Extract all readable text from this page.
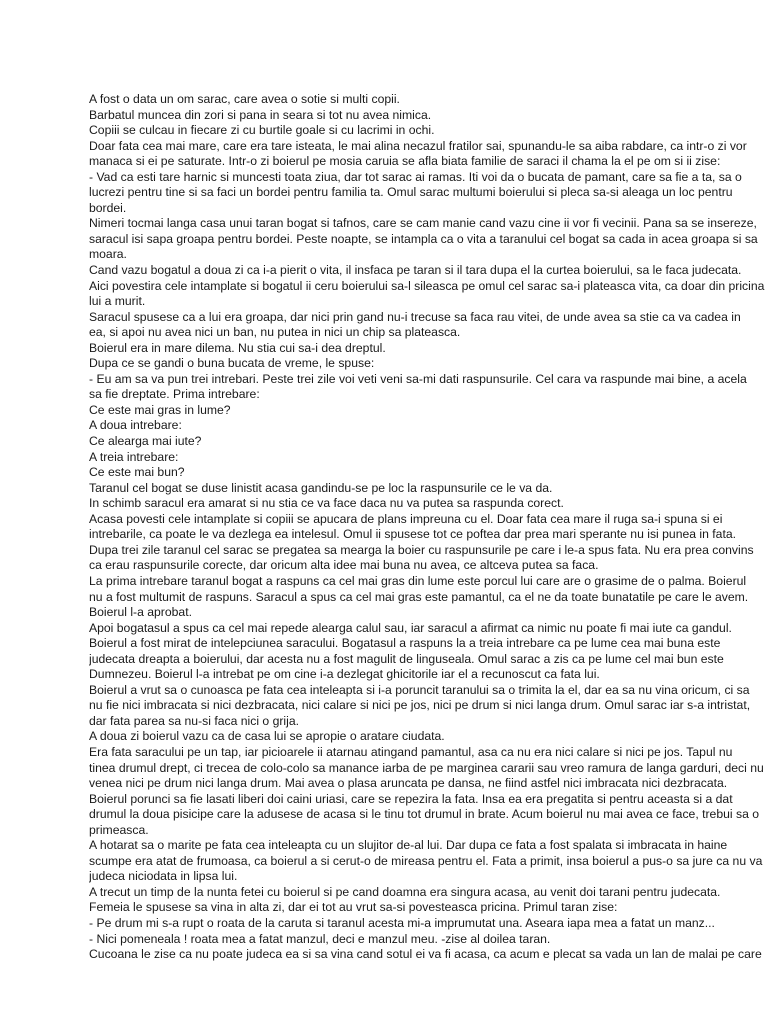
A fost o data un om sarac, care avea o sotie si multi copii.
Barbatul muncea din zori si pana in seara si tot nu avea nimica.
Copiii se culcau in fiecare zi cu burtile goale si cu lacrimi in ochi.
Doar fata cea mai mare, care era tare isteata, le mai alina necazul fratilor sai, spunandu-le sa aiba rabdare, ca intr-o zi vor
manaca si ei pe saturate. Intr-o zi boierul pe mosia caruia se afla biata familie de saraci il chama la el pe om si ii zise:
- Vad ca esti tare harnic si muncesti toata ziua, dar tot sarac ai ramas. Iti voi da o bucata de pamant, care sa fie a ta, sa o
lucrezi pentru tine si sa faci un bordei pentru familia ta. Omul sarac multumi boierului si pleca sa-si aleaga un loc pentru
bordei.
Nimeri tocmai langa casa unui taran bogat si tafnos, care se cam manie cand vazu cine ii vor fi vecinii. Pana sa se insereze,
saracul isi sapa groapa pentru bordei. Peste noapte, se intampla ca o vita a taranului cel bogat sa cada in acea groapa si sa
moara.
Cand vazu bogatul a doua zi ca i-a pierit o vita, il insfaca pe taran si il tara dupa el la curtea boierului, sa le faca judecata.
Aici povestira cele intamplate si bogatul ii ceru boierului sa-l sileasca pe omul cel sarac sa-i plateasca vita, ca doar din pricina
lui a murit.
Saracul spusese ca a lui era groapa, dar nici prin gand nu-i trecuse sa faca rau vitei, de unde avea sa stie ca va cadea in
ea, si apoi nu avea nici un ban, nu putea in nici un chip sa plateasca.
Boierul era in mare dilema. Nu stia cui sa-i dea dreptul.
Dupa ce se gandi o buna bucata de vreme, le spuse:
- Eu am sa va pun trei intrebari. Peste trei zile voi veti veni sa-mi dati raspunsurile. Cel cara va raspunde mai bine, a acela
sa fie dreptate. Prima intrebare:
Ce este mai gras in lume?
A doua intrebare:
Ce alearga mai iute?
A treia intrebare:
Ce este mai bun?
Taranul cel bogat se duse linistit acasa gandindu-se pe loc la raspunsurile ce le va da.
In schimb saracul era amarat si nu stia ce va face daca nu va putea sa raspunda corect.
Acasa povesti cele intamplate si copiii se apucara de plans impreuna cu el. Doar fata cea mare il ruga sa-i spuna si ei
intrebarile, ca poate le va dezlega ea intelesul. Omul ii spusese tot ce poftea dar prea mari sperante nu isi punea in fata.
Dupa trei zile taranul cel sarac se pregatea sa mearga la boier cu raspunsurile pe care i le-a spus fata. Nu era prea convins
ca erau raspunsurile corecte, dar oricum alta idee mai buna nu avea, ce altceva putea sa faca.
La prima intrebare taranul bogat a raspuns ca cel mai gras din lume este porcul lui care are o grasime de o palma. Boierul
nu a fost multumit de raspuns. Saracul a spus ca cel mai gras este pamantul, ca el ne da toate bunatatile pe care le avem.
Boierul l-a aprobat.
Apoi bogatasul a spus ca cel mai repede alearga calul sau, iar saracul a afirmat ca nimic nu poate fi mai iute ca gandul.
Boierul a fost mirat de intelepciunea saracului. Bogatasul a raspuns la a treia intrebare ca pe lume cea mai buna este
judecata dreapta a boierului, dar acesta nu a fost magulit de linguseala. Omul sarac a zis ca pe lume cel mai bun este
Dumnezeu. Boierul l-a intrebat pe om cine i-a dezlegat ghicitorile iar el a recunoscut ca fata lui.
Boierul a vrut sa o cunoasca pe fata cea inteleapta si i-a poruncit taranului sa o trimita la el, dar ea sa nu vina oricum, ci sa
nu fie nici imbracata si nici dezbracata, nici calare si nici pe jos, nici pe drum si nici langa drum. Omul sarac iar s-a intristat,
dar fata parea sa nu-si faca nici o grija.
A doua zi boierul vazu ca de casa lui se apropie o aratare ciudata.
Era fata saracului pe un tap, iar picioarele ii atarnau atingand pamantul, asa ca nu era nici calare si nici pe jos. Tapul nu
tinea drumul drept, ci trecea de colo-colo sa manance iarba de pe marginea cararii sau vreo ramura de langa garduri, deci nu
venea nici pe drum nici langa drum. Mai avea o plasa aruncata pe dansa, ne fiind astfel nici imbracata nici dezbracata.
Boierul porunci sa fie lasati liberi doi caini uriasi, care se repezira la fata. Insa ea era pregatita si pentru aceasta si a dat
drumul la doua pisicipe care la adusese de acasa si le tinu tot drumul in brate. Acum boierul nu mai avea ce face, trebui sa o
primeasca.
A hotarat sa o marite pe fata cea inteleapta cu un slujitor de-al lui. Dar dupa ce fata a fost spalata si imbracata in haine
scumpe era atat de frumoasa, ca boierul a si cerut-o de mireasa pentru el. Fata a primit, insa boierul a pus-o sa jure ca nu va
judeca niciodata in lipsa lui.
A trecut un timp de la nunta fetei cu boierul si pe cand doamna era singura acasa, au venit doi tarani pentru judecata.
Femeia le spusese sa vina in alta zi, dar ei tot au vrut sa-si povesteasca pricina. Primul taran zise:
- Pe drum mi s-a rupt o roata de la caruta si taranul acesta mi-a imprumutat una. Aseara iapa mea a fatat un manz...
- Nici pomeneala ! roata mea a fatat manzul, deci e manzul meu. -zise al doilea taran.
Cucoana le zise ca nu poate judeca ea si sa vina cand sotul ei va fi acasa, ca acum e plecat sa vada un lan de malai pe care
